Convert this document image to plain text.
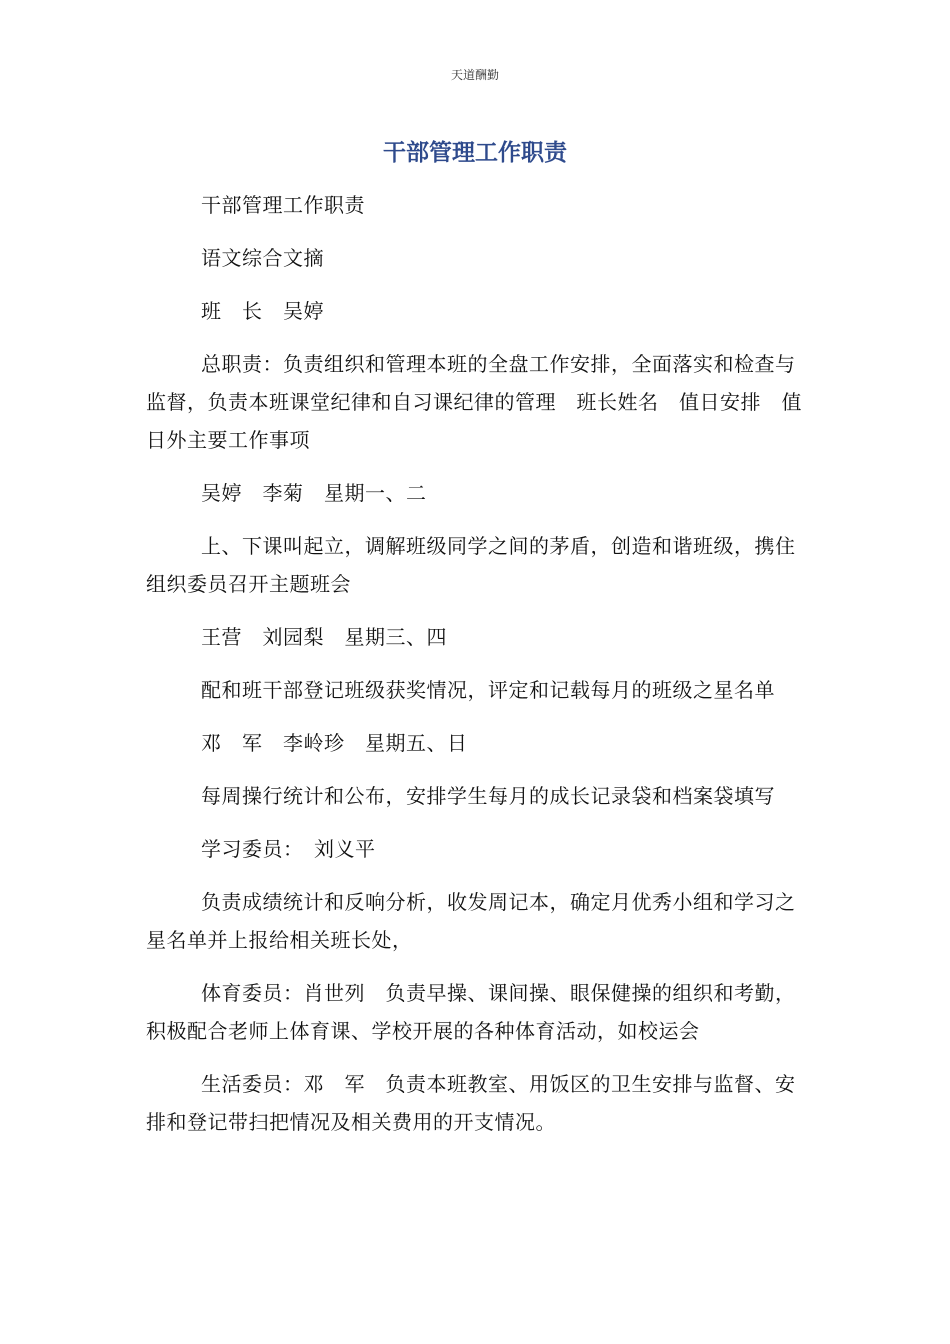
天道酬勤
干部管理工作职责

干部管理工作职责

语文综合文摘

班　长　吴婷

总职责：负责组织和管理本班的全盘工作安排，全面落实和检查与监督，负责本班课堂纪律和自习课纪律的管理　班长姓名　值日安排　值日外主要工作事项

吴婷　李菊　星期一、二

上、下课叫起立，调解班级同学之间的茅盾，创造和谐班级，携住组织委员召开主题班会

王营　刘园梨　星期三、四

配和班干部登记班级获奖情况，评定和记载每月的班级之星名单

邓　军　李岭珍　星期五、日

每周操行统计和公布，安排学生每月的成长记录袋和档案袋填写

学习委员：　刘义平

负责成绩统计和反响分析，收发周记本，确定月优秀小组和学习之星名单并上报给相关班长处，

体育委员：肖世列　负责早操、课间操、眼保健操的组织和考勤，积极配合老师上体育课、学校开展的各种体育活动，如校运会

生活委员：邓　军　负责本班教室、用饭区的卫生安排与监督、安排和登记带扫把情况及相关费用的开支情况。
